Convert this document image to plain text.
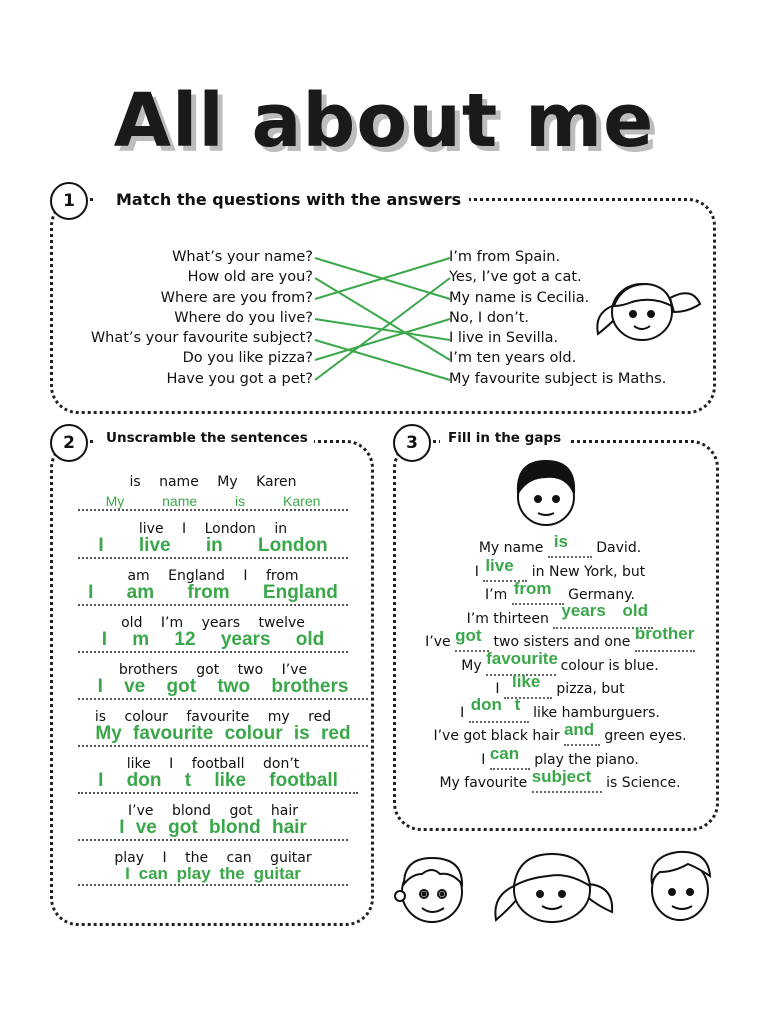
All about me
1	Match the questions with the answers
What’s your name?
How old are you?
Where are you from?
Where do you live?
What’s your favourite subject?
Do you like pizza?
Have you got a pet?
I’m from Spain.
Yes, I’ve got a cat.
My name is Cecilia.
No, I don’t.
I live in Sevilla.
I’m ten years old.
My favourite subject is Maths.
2	Unscramble the sentences
is name My Karen
My name is Karen
live I London in
I live in London
am England I from
I am from England
old I’m years twelve
I m 12 years old
brothers got two I’ve
I ve got two brothers
is colour favourite my red
My favourite colour is red
like I football don’t
I don t like football
I’ve blond got hair
I ve got blond hair
play I the can guitar
I can play the guitar
3	Fill in the gaps
My name is David.
I live in New York, but
I’m from Germany.
I’m thirteen years old

I’ve got two sisters and one brother

My favourite colour is blue.
I like pizza, but
I don t like hamburguers.
I’ve got black hair and green eyes.
I can play the piano.
My favourite subject is Science.
